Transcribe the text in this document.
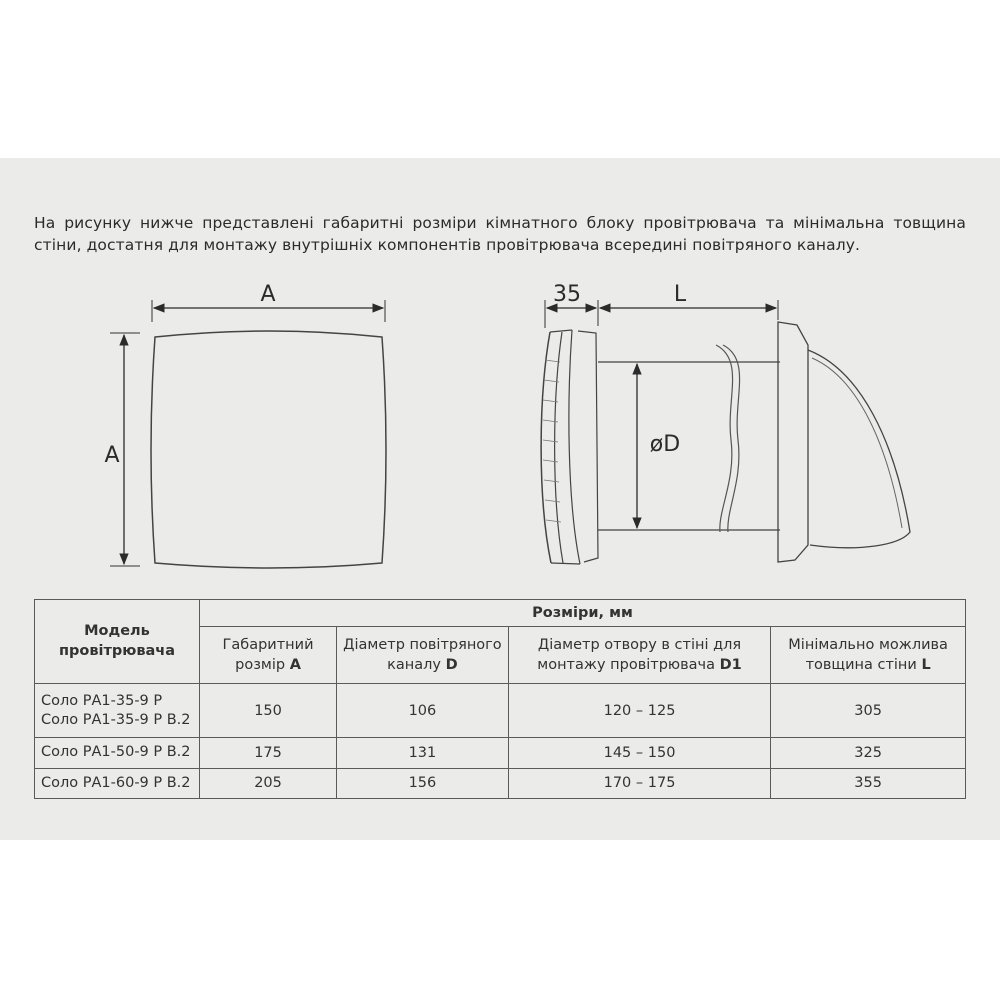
На рисунку нижче представлені габаритні розміри кімнатного блоку провітрювача та мінімальна товщина стіни, достатня для монтажу внутрішніх компонентів провітрювача всередині повітряного каналу.
A
A	øD
35	L
Модель провітрювача	Розміри, мм			
	Габаритний розмір A	Діаметр повітряного каналу D	Діаметр отвору в стіні для монтажу провітрювача D1	Мінімально можлива товщина стіни L
Соло РА1-35-9 Р
Соло РА1-35-9 Р В.2	150	106	120 – 125	305
Соло РА1-50-9 Р В.2	175	131	145 – 150	325
Соло РА1-60-9 Р В.2	205	156	170 – 175	355
